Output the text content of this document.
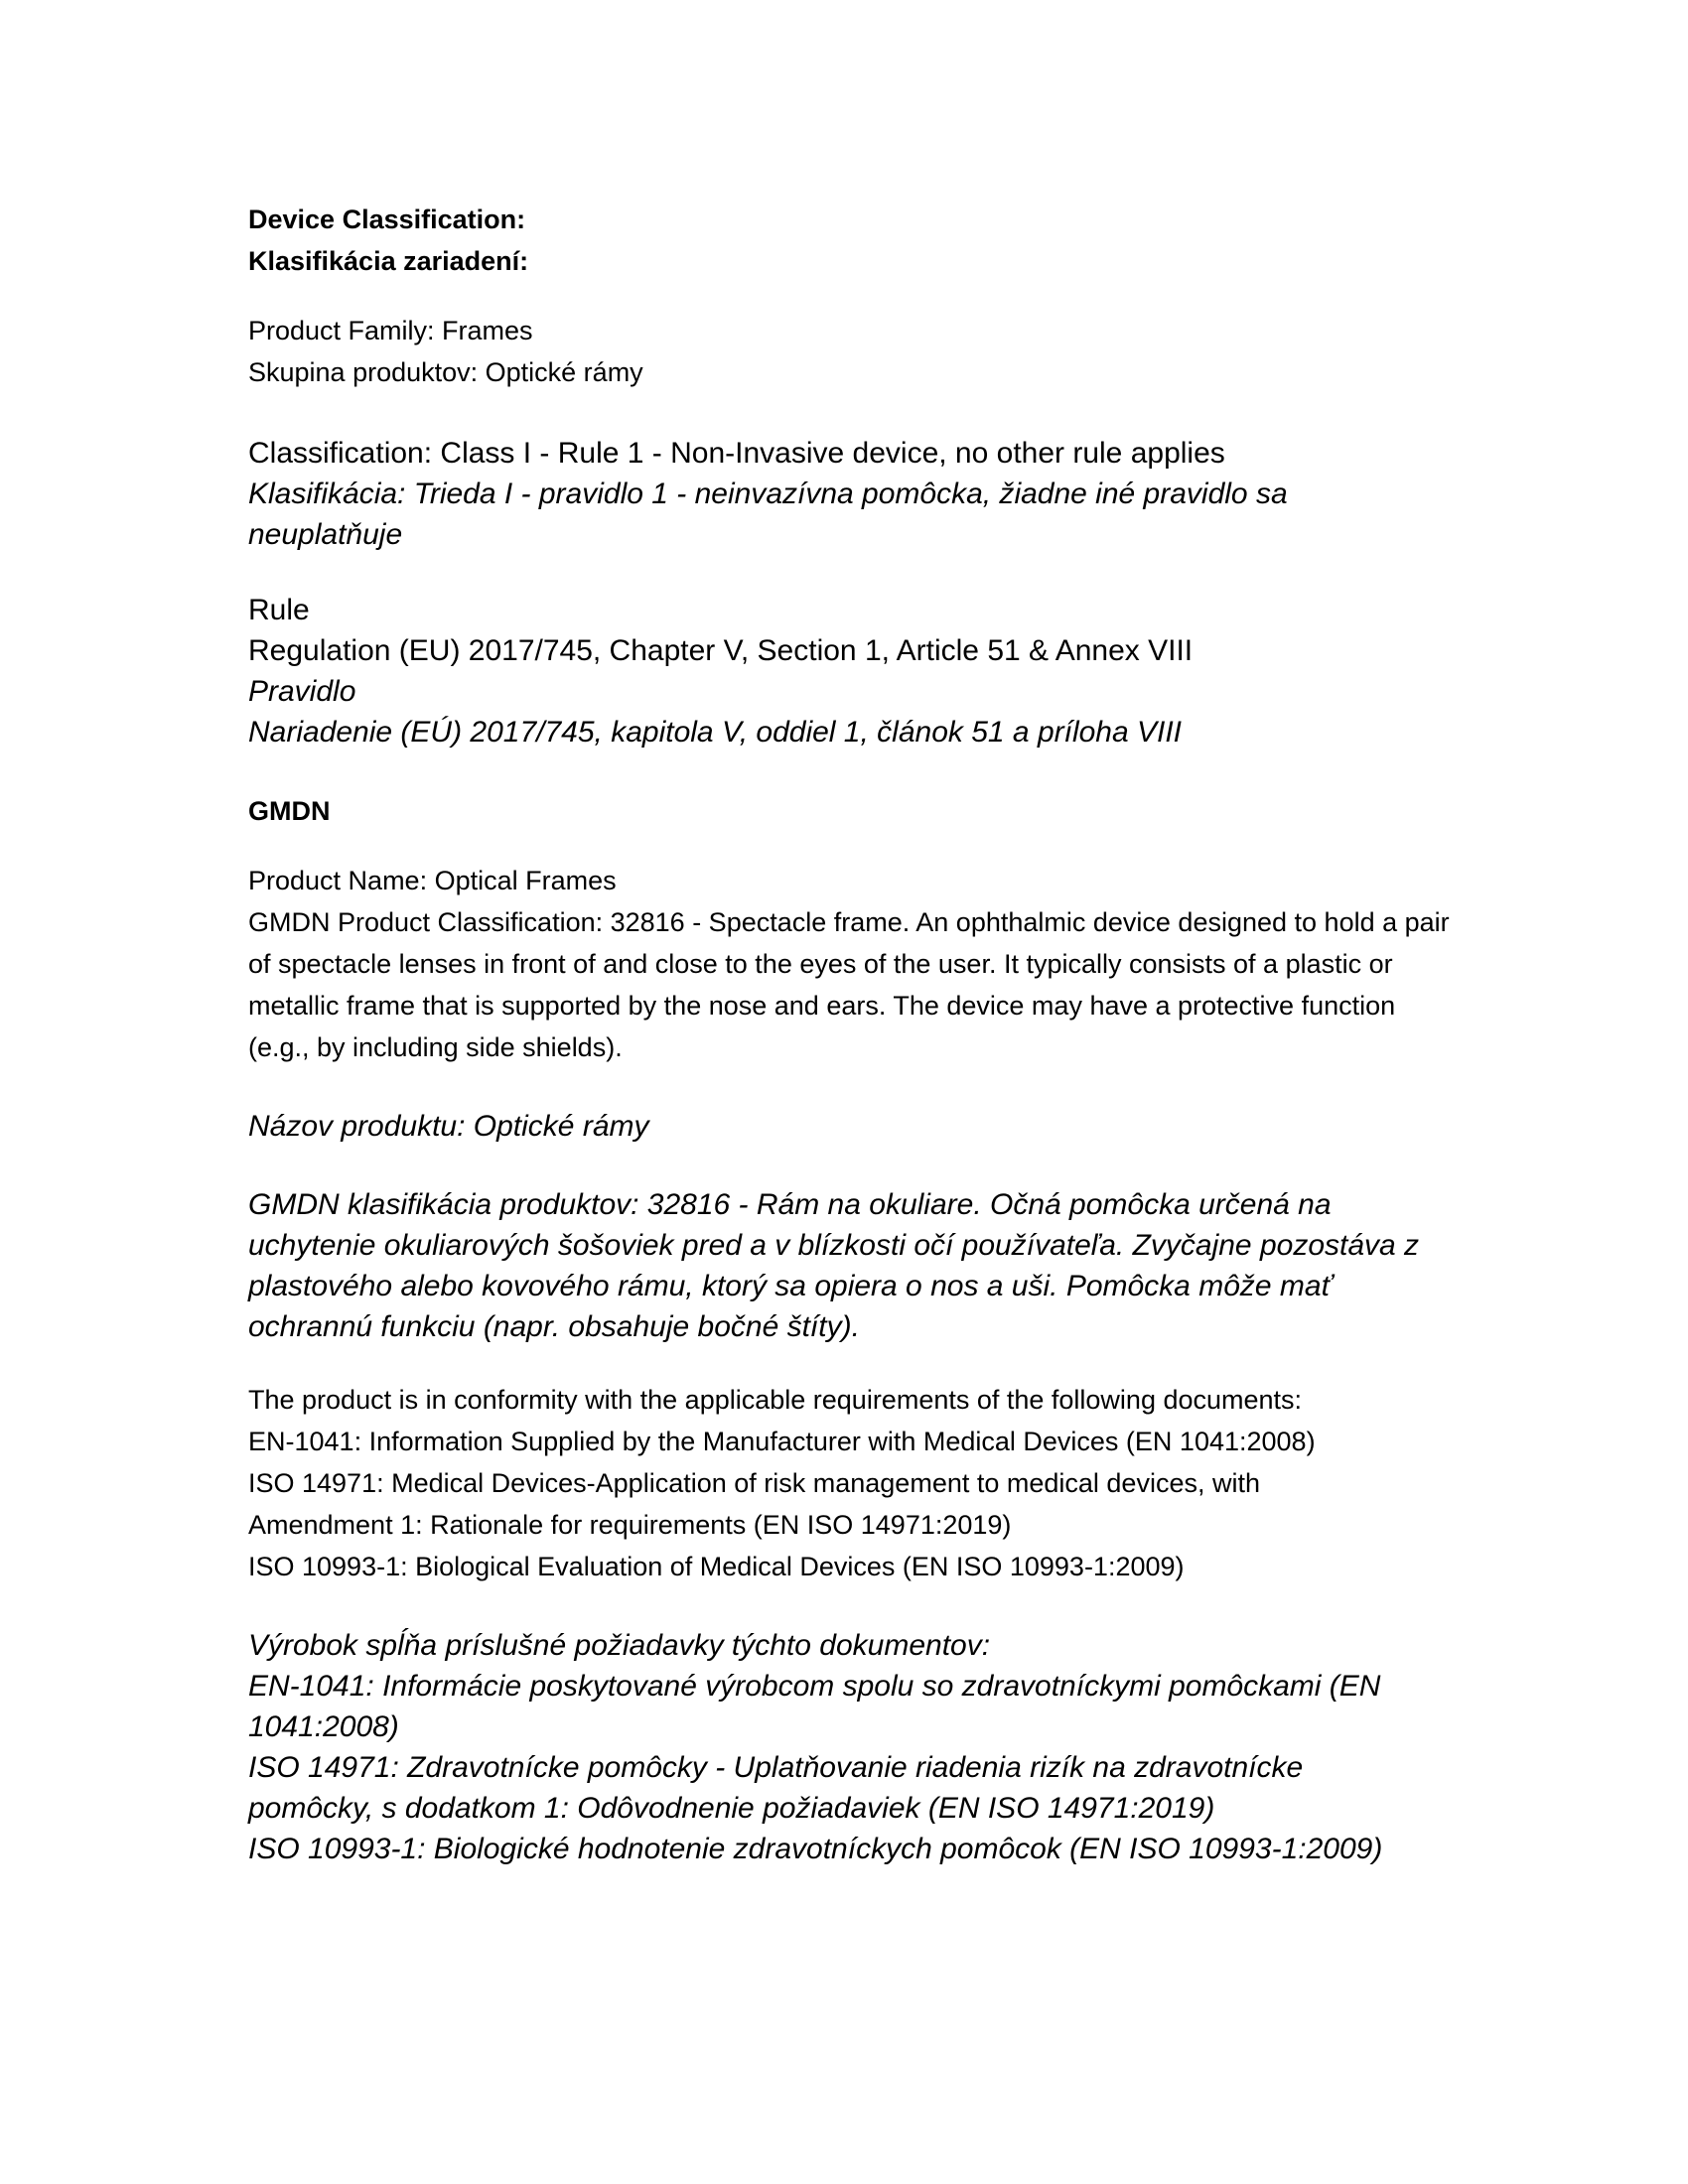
Device Classification:
Klasifikácia zariadení:
Product Family: Frames
Skupina produktov: Optické rámy
Classification: Class I - Rule 1 - Non-Invasive device, no other rule applies
Klasifikácia: Trieda I - pravidlo 1 - neinvazívna pomôcka, žiadne iné pravidlo sa neuplatňuje
Rule
Regulation (EU) 2017/745, Chapter V, Section 1, Article 51 & Annex VIII
Pravidlo
Nariadenie (EÚ) 2017/745, kapitola V, oddiel 1, článok 51 a príloha VIII
GMDN
Product Name: Optical Frames
GMDN Product Classification: 32816 - Spectacle frame. An ophthalmic device designed to hold a pair of spectacle lenses in front of and close to the eyes of the user. It typically consists of a plastic or metallic frame that is supported by the nose and ears. The device may have a protective function (e.g., by including side shields).
Názov produktu: Optické rámy
GMDN klasifikácia produktov: 32816 - Rám na okuliare. Očná pomôcka určená na uchytenie okuliarových šošoviek pred a v blízkosti očí používateľa. Zvyčajne pozostáva z plastového alebo kovového rámu, ktorý sa opiera o nos a uši. Pomôcka môže mať ochrannú funkciu (napr. obsahuje bočné štíty).
The product is in conformity with the applicable requirements of the following documents:
EN-1041: Information Supplied by the Manufacturer with Medical Devices (EN 1041:2008)
ISO 14971: Medical Devices-Application of risk management to medical devices, with Amendment 1: Rationale for requirements (EN ISO 14971:2019)
ISO 10993-1: Biological Evaluation of Medical Devices (EN ISO 10993-1:2009)
Výrobok spĺňa príslušné požiadavky týchto dokumentov:
EN-1041: Informácie poskytované výrobcom spolu so zdravotníckymi pomôckami (EN 1041:2008)
ISO 14971: Zdravotnícke pomôcky - Uplatňovanie riadenia rizík na zdravotnícke pomôcky, s dodatkom 1: Odôvodnenie požiadaviek (EN ISO 14971:2019)
ISO 10993-1: Biologické hodnotenie zdravotníckych pomôcok (EN ISO 10993-1:2009)
